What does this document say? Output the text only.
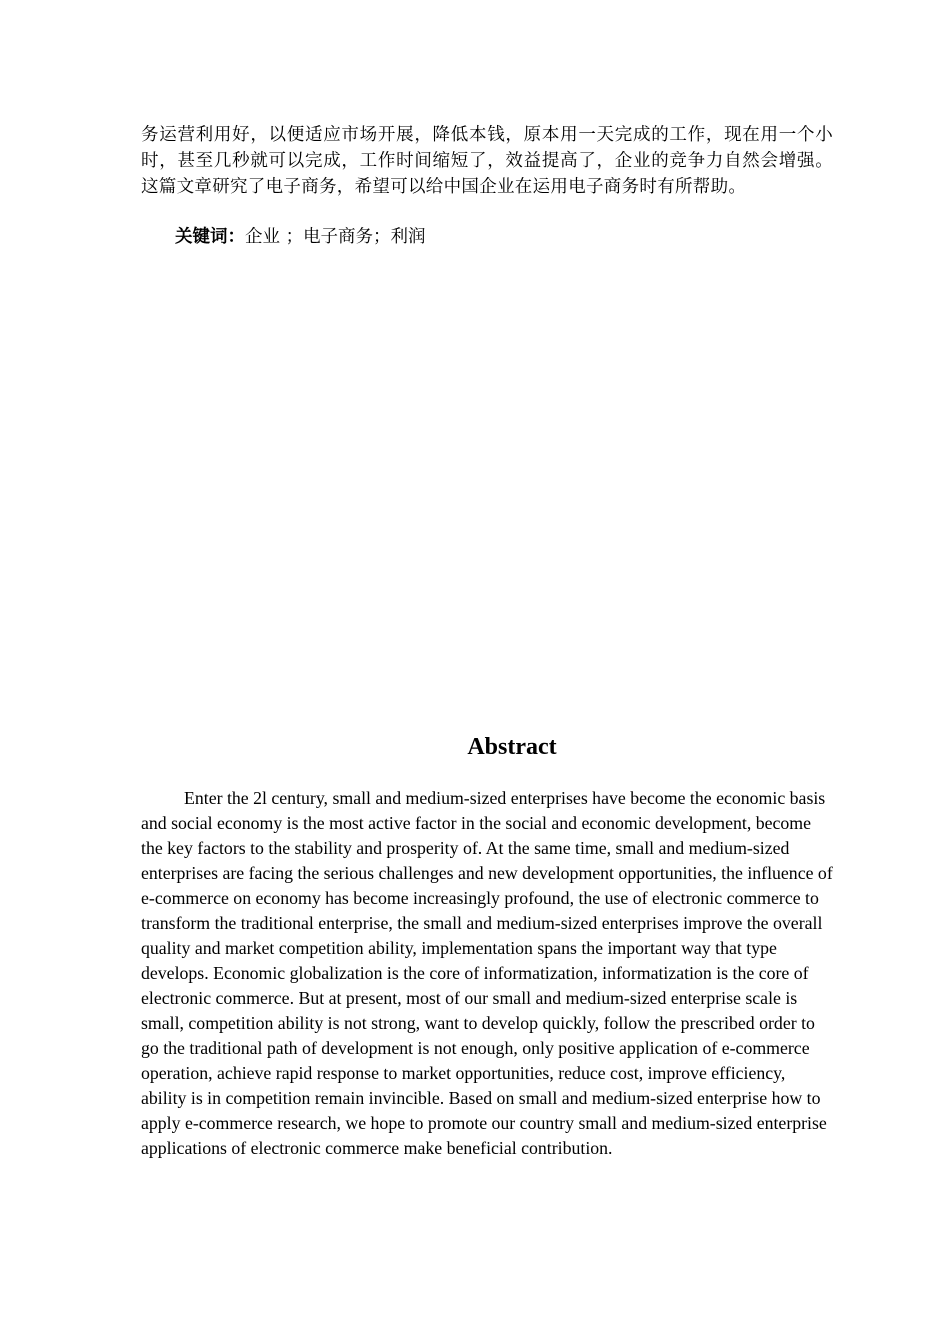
务运营利用好，以便适应市场开展，降低本钱，原本用一天完成的工作，现在用一个小时，甚至几秒就可以完成，工作时间缩短了，效益提高了，企业的竞争力自然会增强。这篇文章研究了电子商务，希望可以给中国企业在运用电子商务时有所帮助。
关键词：企业 ；电子商务；利润
Abstract
Enter the 2l century, small and medium-sized enterprises have become the economic basis and social economy is the most active factor in the social and economic development, become the key factors to the stability and prosperity of. At the same time, small and medium-sized enterprises are facing the serious challenges and new development opportunities, the influence of e-commerce on economy has become increasingly profound, the use of electronic commerce to transform the traditional enterprise, the small and medium-sized enterprises improve the overall quality and market competition ability, implementation spans the important way that type develops. Economic globalization is the core of informatization, informatization is the core of electronic commerce. But at present, most of our small and medium-sized enterprise scale is small, competition ability is not strong, want to develop quickly, follow the prescribed order to go the traditional path of development is not enough, only positive application of e-commerce operation, achieve rapid response to market opportunities, reduce cost, improve efficiency, ability is in competition remain invincible. Based on small and medium-sized enterprise how to apply e-commerce research, we hope to promote our country small and medium-sized enterprise applications of electronic commerce make beneficial contribution.
